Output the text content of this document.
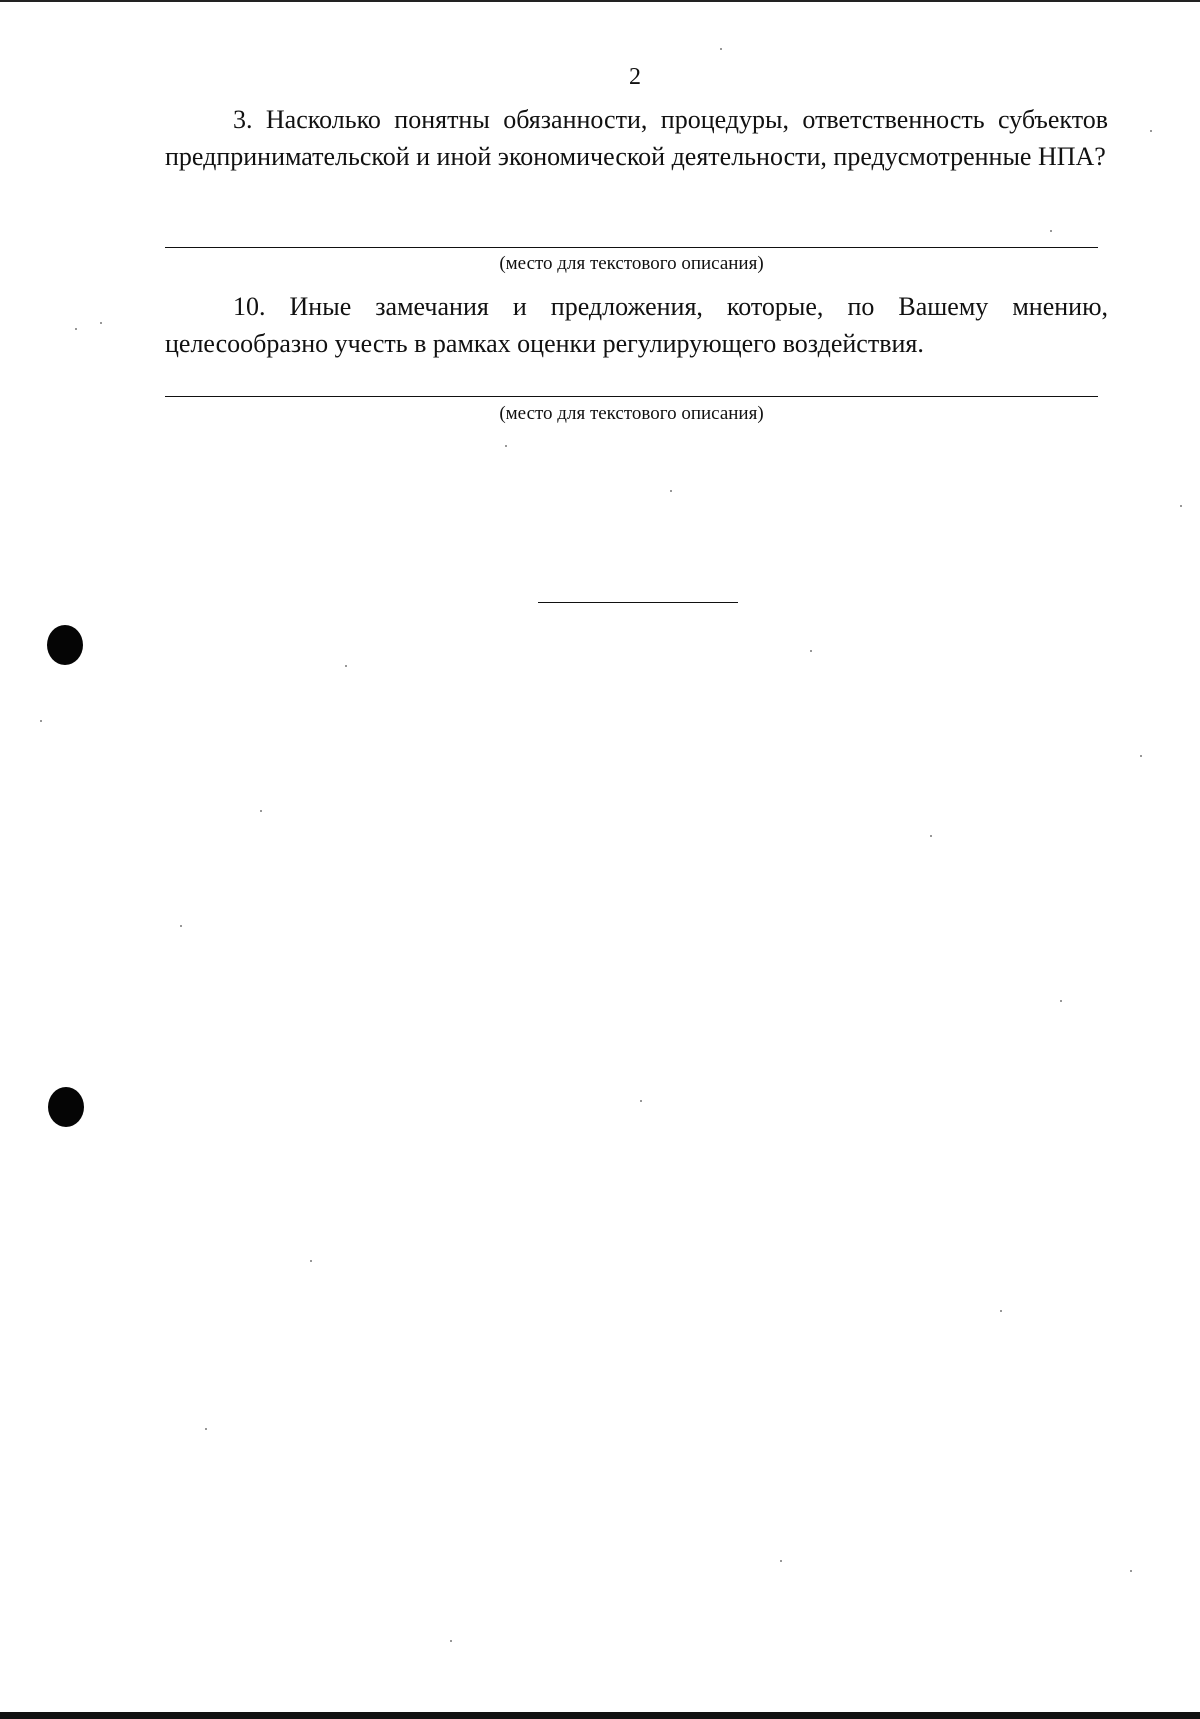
2

3. Насколько понятны обязанности, процедуры, ответственность субъектов предпринимательской и иной экономической деятельности, предусмотренные НПА?

(место для текстового описания)

10. Иные замечания и предложения, которые, по Вашему мнению, целесообразно учесть в рамках оценки регулирующего воздействия.

(место для текстового описания)
